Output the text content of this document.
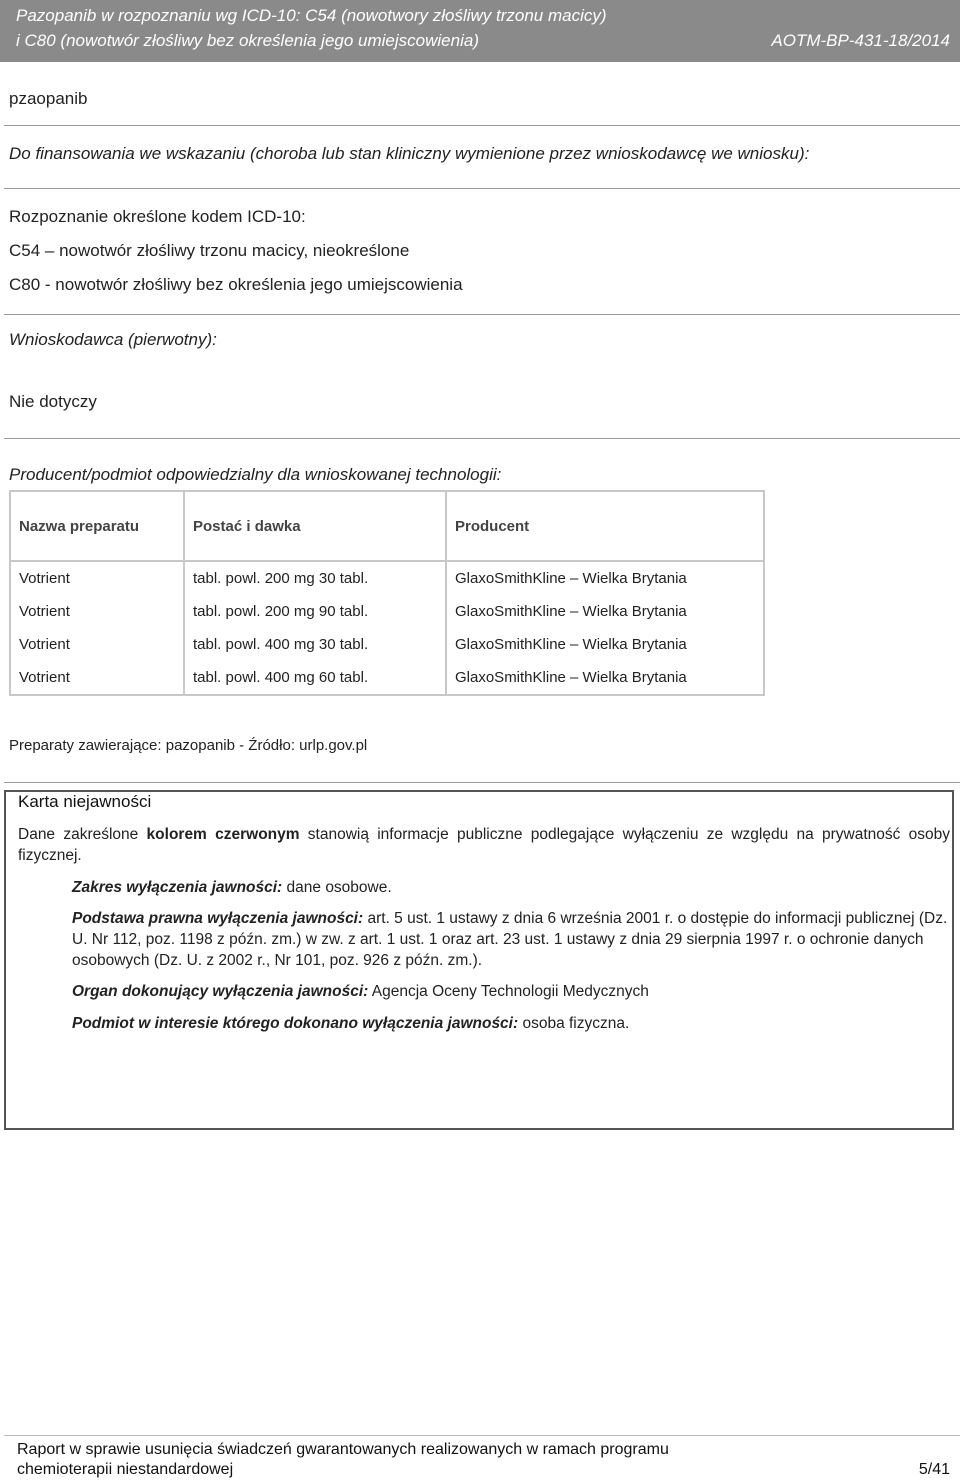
Pazopanib w rozpoznaniu wg ICD-10: C54 (nowotwory złośliwy trzonu macicy)
i C80 (nowotwór złośliwy bez określenia jego umiejscowienia)	AOTM-BP-431-18/2014
pzaopanib
Do finansowania we wskazaniu (choroba lub stan kliniczny wymienione przez wnioskodawcę we wniosku):
Rozpoznanie określone kodem ICD-10:
C54 – nowotwór złośliwy trzonu macicy, nieokreślone
C80 - nowotwór złośliwy bez określenia jego umiejscowienia
Wnioskodawca (pierwotny):
Nie dotyczy
Producent/podmiot odpowiedzialny dla wnioskowanej technologii:
Nazwa preparatu	Postać i dawka	Producent
Votrient	tabl. powl. 200 mg 30 tabl.	GlaxoSmithKline – Wielka Brytania
Votrient	tabl. powl. 200 mg 90 tabl.	GlaxoSmithKline – Wielka Brytania
Votrient	tabl. powl. 400 mg 30 tabl.	GlaxoSmithKline – Wielka Brytania
Votrient	tabl. powl. 400 mg 60 tabl.	GlaxoSmithKline – Wielka Brytania
Preparaty zawierające: pazopanib - Źródło: urlp.gov.pl
Karta niejawności
Dane zakreślone kolorem czerwonym stanowią informacje publiczne podlegające wyłączeniu ze względu na prywatność osoby fizycznej.
Zakres wyłączenia jawności: dane osobowe.
Podstawa prawna wyłączenia jawności: art. 5 ust. 1 ustawy z dnia 6 września 2001 r. o dostępie do informacji publicznej (Dz. U. Nr 112, poz. 1198 z późn. zm.) w zw. z art. 1 ust. 1 oraz art. 23 ust. 1 ustawy z dnia 29 sierpnia 1997 r. o ochronie danych osobowych (Dz. U. z 2002 r., Nr 101, poz. 926 z późn. zm.).
Organ dokonujący wyłączenia jawności: Agencja Oceny Technologii Medycznych
Podmiot w interesie którego dokonano wyłączenia jawności: osoba fizyczna.
Raport w sprawie usunięcia świadczeń gwarantowanych realizowanych w ramach programu
chemioterapii niestandardowej	5/41
